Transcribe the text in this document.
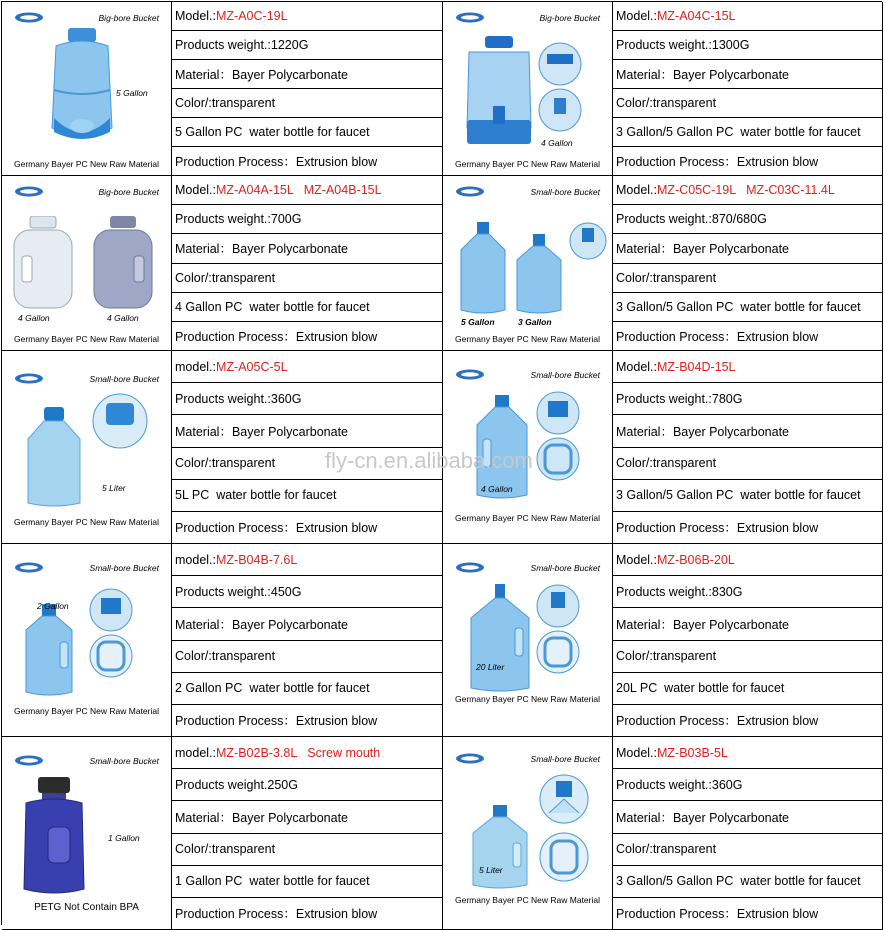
Big-bore Bucket
5 Gallon
Germany Bayer PC New Raw Material
Model.: MZ-A0C-19L
Products weight.:1220G
Material：Bayer Polycarbonate
Color/:transparent
5 Gallon PC  water bottle for faucet
Production Process：Extrusion blow
Big-bore Bucket
4 Gallon
Germany Bayer PC New Raw Material
Model.: MZ-A04C-15L
Products weight.:1300G
Material：Bayer Polycarbonate
Color/:transparent
3 Gallon/5 Gallon PC  water bottle for faucet
Production Process：Extrusion blow
Big-bore Bucket
4 Gallon	4 Gallon
Germany Bayer PC New Raw Material
Model.: MZ-A04A-15L   MZ-A04B-15L
Products weight.:700G
Material：Bayer Polycarbonate
Color/:transparent
4 Gallon PC  water bottle for faucet
Production Process：Extrusion blow
Small-bore Bucket
5 Gallon	3 Gallon
Germany Bayer PC New Raw Material
Model.: MZ-C05C-19L   MZ-C03C-11.4L
Products weight.:870/680G
Material：Bayer Polycarbonate
Color/:transparent
3 Gallon/5 Gallon PC  water bottle for faucet
Production Process：Extrusion blow
Small-bore Bucket
5 Liter
Germany Bayer PC New Raw Material
model.: MZ-A05C-5L
Products weight.:360G
Material：Bayer Polycarbonate
Color/:transparent
5L PC  water bottle for faucet
Production Process：Extrusion blow
Small-bore Bucket
4 Gallon
Germany Bayer PC New Raw Material
Model.: MZ-B04D-15L
Products weight.:780G
Material：Bayer Polycarbonate
Color/:transparent
3 Gallon/5 Gallon PC  water bottle for faucet
Production Process：Extrusion blow
Small-bore Bucket
2 Gallon
Germany Bayer PC New Raw Material
model.: MZ-B04B-7.6L
Products weight.:450G
Material：Bayer Polycarbonate
Color/:transparent
2 Gallon PC  water bottle for faucet
Production Process：Extrusion blow
Small-bore Bucket
20 Liter
Germany Bayer PC New Raw Material
Model.: MZ-B06B-20L
Products weight.:830G
Material：Bayer Polycarbonate
Color/:transparent
20L PC  water bottle for faucet
Production Process：Extrusion blow
Small-bore Bucket
1 Gallon
PETG Not Contain BPA
model.: MZ-B02B-3.8L Screw mouth
Products weight.250G
Material：Bayer Polycarbonate
Color/:transparent
1 Gallon PC  water bottle for faucet
Production Process：Extrusion blow
Small-bore Bucket
5 Liter
Germany Bayer PC New Raw Material
Model.: MZ-B03B-5L
Products weight.:360G
Material：Bayer Polycarbonate
Color/:transparent
3 Gallon/5 Gallon PC  water bottle for faucet
Production Process：Extrusion blow
fly-cn.en.alibaba.com
